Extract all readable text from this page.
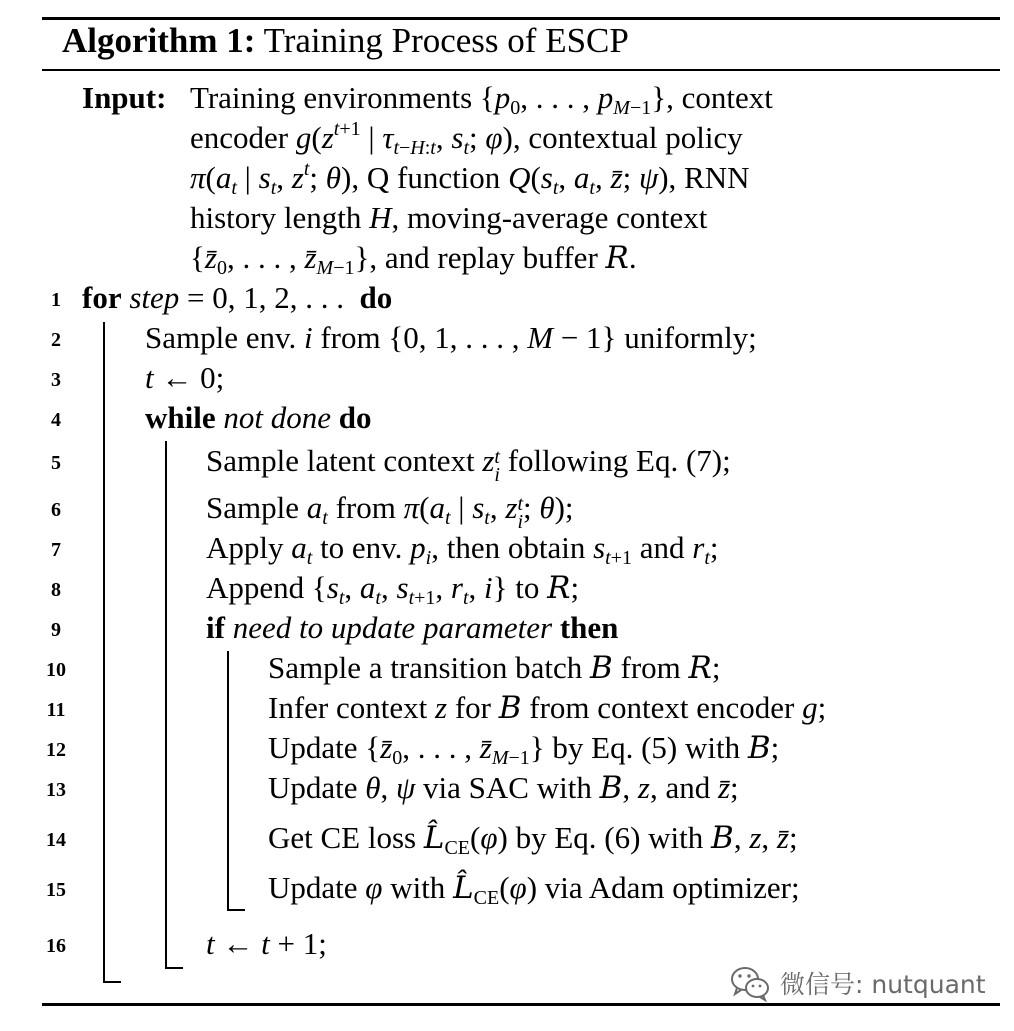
Algorithm 1: Training Process of ESCP
Input: Training environments {$p_0$, . . . , $p_{M-1}$}, context
encoder $g(z^{t+1}$ | $\tau_{t-H:t}$, $s_t$; φ), contextual policy
$\pi(a_t$ | $s_t$, $z^t$; θ), Q function $Q(s_t$, $a_t$, z̄; ψ), RNN
history length H, moving-average context
{$z̄_0$, . . . , $z̄_{M-1}$}, and replay buffer R.
1
2
3
4
5
6
7
8
9
10
11
12
13
14
15
16
for step = 0, 1, 2, . . .  do
Sample env. i from {0, 1, . . . , M − 1} uniformly;
t ← 0;
while not done do
Sample latent context z t
i following Eq. (7);
Sample $a_t$ from $\pi(a_t$ | $s_t$, z t
i ; θ);
Apply $a_t$ to env. $p_i$, then obtain $s_{t+1}$ and $r_t$;
Append {$s_t$, $a_t$, $s_{t+1}$, $r_t$, i} to R;
if need to update parameter then
Sample a transition batch B from R;
Infer context z for B from context encoder g;
Update {$z̄_0$, . . . , $z̄_{M-1}$} by Eq. (5) with B;
Update θ, ψ via SAC with B, z, and z̄;
Get CE loss $L̂_{CE}(\varphi)$ by Eq. (6) with B, z, z̄;
Update φ with $L̂_{CE}(\varphi)$ via Adam optimizer;
t ← t + 1;
微信号: nutquant
